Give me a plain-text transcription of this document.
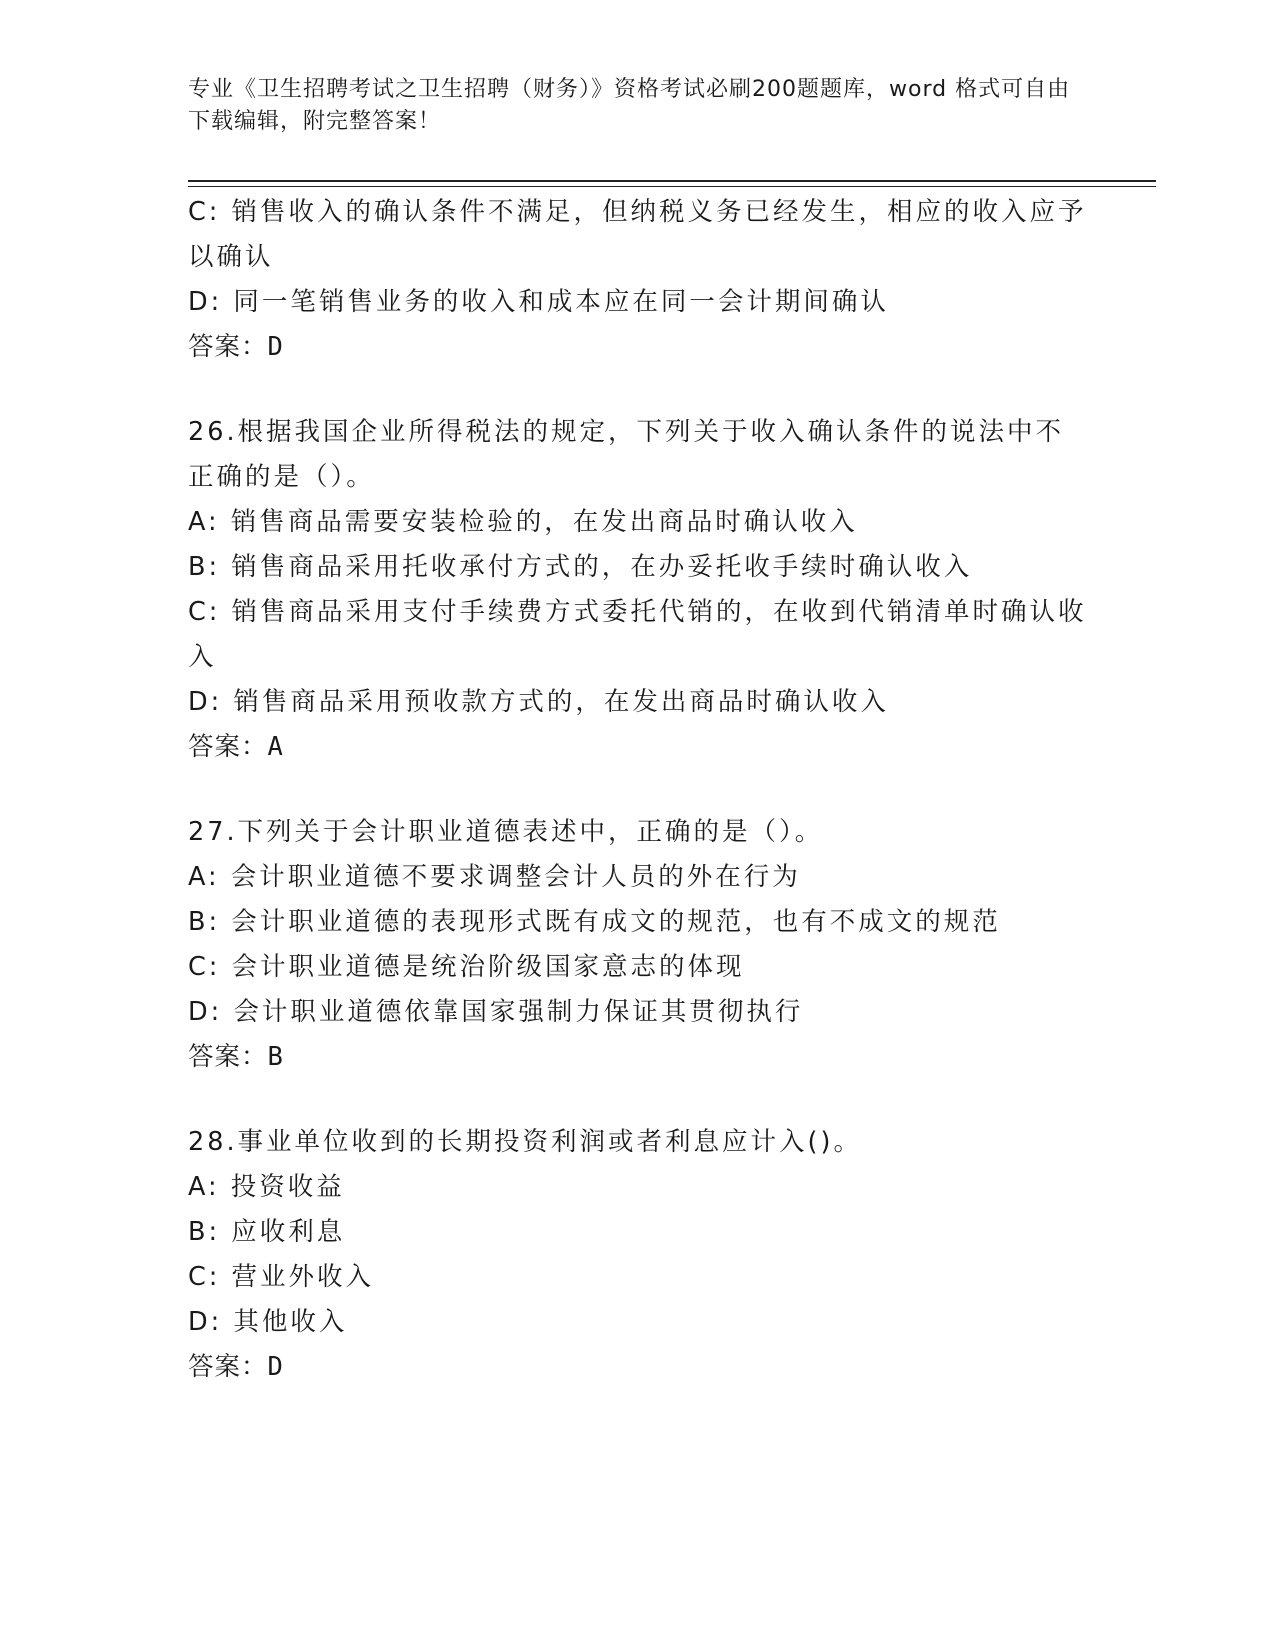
专业《卫生招聘考试之卫生招聘（财务）》资格考试必刷200题题库，word 格式可自由下载编辑，附完整答案！
C: 销售收入的确认条件不满足，但纳税义务已经发生，相应的收入应予以确认
D: 同一笔销售业务的收入和成本应在同一会计期间确认
答案：D
26.根据我国企业所得税法的规定，下列关于收入确认条件的说法中不正确的是（）。
A: 销售商品需要安装检验的，在发出商品时确认收入
B: 销售商品采用托收承付方式的，在办妥托收手续时确认收入
C: 销售商品采用支付手续费方式委托代销的，在收到代销清单时确认收入
D: 销售商品采用预收款方式的，在发出商品时确认收入
答案：A
27.下列关于会计职业道德表述中，正确的是（）。
A: 会计职业道德不要求调整会计人员的外在行为
B: 会计职业道德的表现形式既有成文的规范，也有不成文的规范
C: 会计职业道德是统治阶级国家意志的体现
D: 会计职业道德依靠国家强制力保证其贯彻执行
答案：B
28.事业单位收到的长期投资利润或者利息应计入()。
A: 投资收益
B: 应收利息
C: 营业外收入
D: 其他收入
答案：D
